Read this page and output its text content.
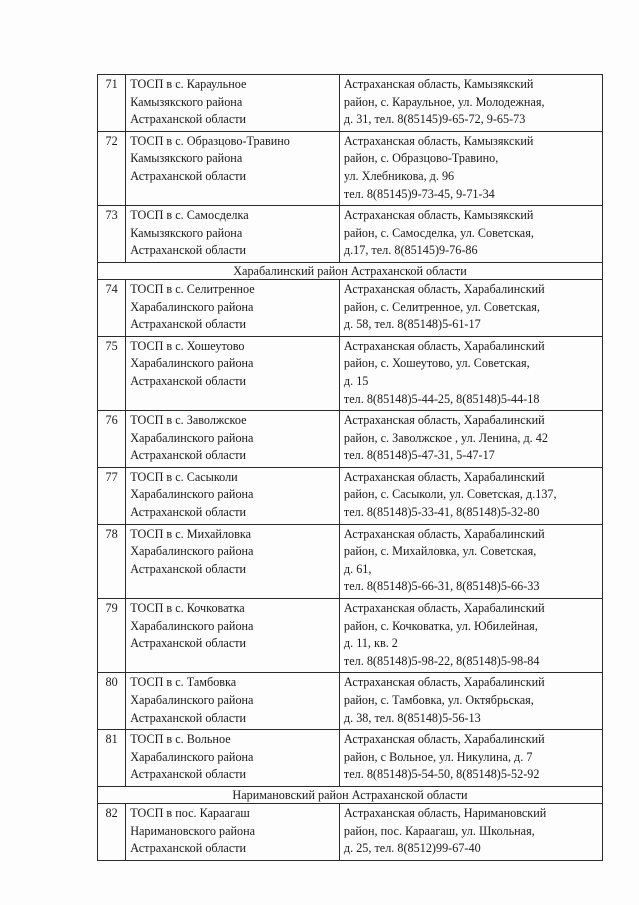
71	ТОСП в с. Караульное
Камызякского района
Астраханской области	Астраханская область, Камызякский
район, с. Караульное, ул. Молодежная,
д. 31, тел. 8(85145)9-65-72, 9-65-73

72	ТОСП в с. Образцово-Травино
Камызякского района
Астраханской области	Астраханская область, Камызякский
район, с. Образцово-Травино,
ул. Хлебникова, д. 96
тел. 8(85145)9-73-45, 9-71-34

73	ТОСП в с. Самосделка
Камызякского района
Астраханской области	Астраханская область, Камызякский
район, с. Самосделка, ул. Советская,
д.17, тел. 8(85145)9-76-86

Харабалинский район Астраханской области		
74	ТОСП в с. Селитренное
Харабалинского района
Астраханской области	Астраханская область, Харабалинский
район, с. Селитренное, ул. Советская,
д. 58, тел. 8(85148)5-61-17

75	ТОСП в с. Хошеутово
Харабалинского района
Астраханской области	Астраханская область, Харабалинский
район, с. Хошеутово, ул. Советская,
д. 15
тел. 8(85148)5-44-25, 8(85148)5-44-18

76	ТОСП в с. Заволжское
Харабалинского района
Астраханской области	Астраханская область, Харабалинский
район, с. Заволжское , ул. Ленина, д. 42
тел. 8(85148)5-47-31, 5-47-17

77	ТОСП в с. Сасыколи
Харабалинского района
Астраханской области	Астраханская область, Харабалинский
район, с. Сасыколи, ул. Советская, д.137,
тел. 8(85148)5-33-41, 8(85148)5-32-80

78	ТОСП в с. Михайловка
Харабалинского района
Астраханской области	Астраханская область, Харабалинский
район, с. Михайловка, ул. Советская,
д. 61,
тел. 8(85148)5-66-31, 8(85148)5-66-33

79	ТОСП в с. Кочковатка
Харабалинского района
Астраханской области	Астраханская область, Харабалинский
район, с. Кочковатка, ул. Юбилейная,
д. 11, кв. 2
тел. 8(85148)5-98-22, 8(85148)5-98-84

80	ТОСП в с. Тамбовка
Харабалинского района
Астраханской области	Астраханская область, Харабалинский
район, с. Тамбовка, ул. Октябрьская,
д. 38, тел. 8(85148)5-56-13

81	ТОСП в с. Вольное
Харабалинского района
Астраханской области	Астраханская область, Харабалинский
район, с Вольное, ул. Никулина, д. 7
тел. 8(85148)5-54-50, 8(85148)5-52-92

Наримановский район Астраханской области		
82	ТОСП в пос. Караагаш
Наримановского района
Астраханской области	Астраханская область, Наримановский
район, пос. Караагаш, ул. Школьная,
д. 25, тел. 8(8512)99-67-40
